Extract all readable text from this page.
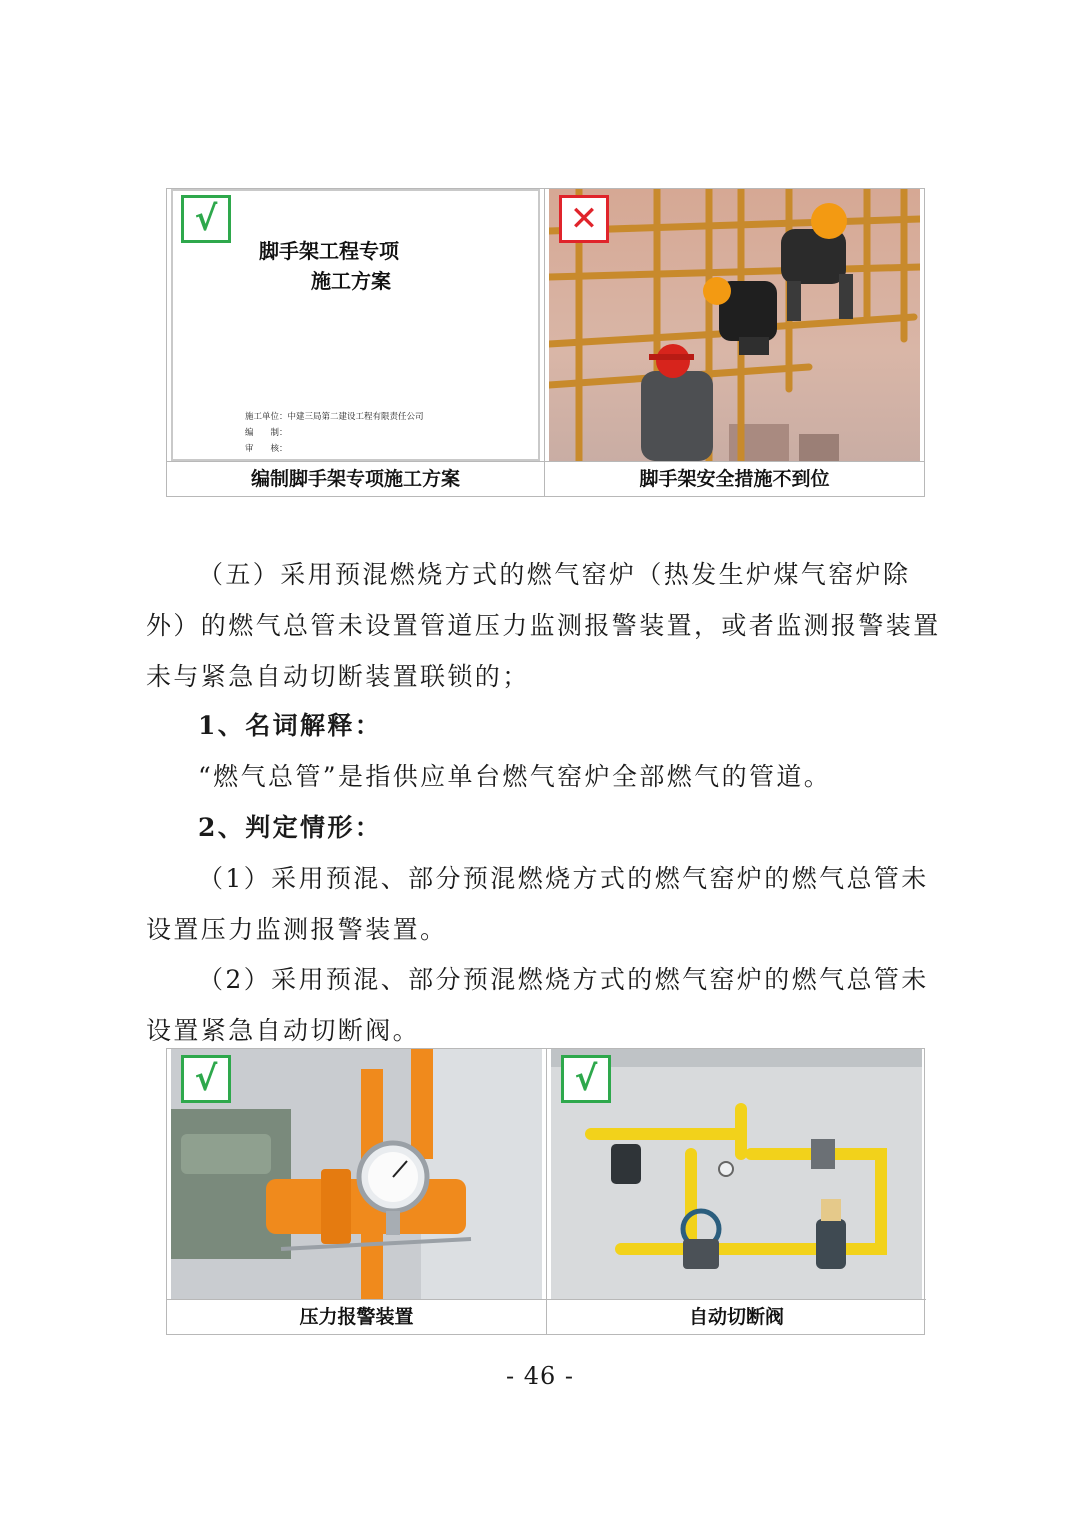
脚手架工程专项
施工方案
施工单位：中建三局第二建设工程有限责任公司
编　　制：
审　　核：
√
编制脚手架专项施工方案
✕
脚手架安全措施不到位

（五）采用预混燃烧方式的燃气窑炉（热发生炉煤气窑炉除外）的燃气总管未设置管道压力监测报警装置，或者监测报警装置未与紧急自动切断装置联锁的；

1、名词解释：

“燃气总管”是指供应单台燃气窑炉全部燃气的管道。

2、判定情形：

（1）采用预混、部分预混燃烧方式的燃气窑炉的燃气总管未设置压力监测报警装置。

（2）采用预混、部分预混燃烧方式的燃气窑炉的燃气总管未设置紧急自动切断阀。

√
压力报警装置
√
自动切断阀
- 46 -
